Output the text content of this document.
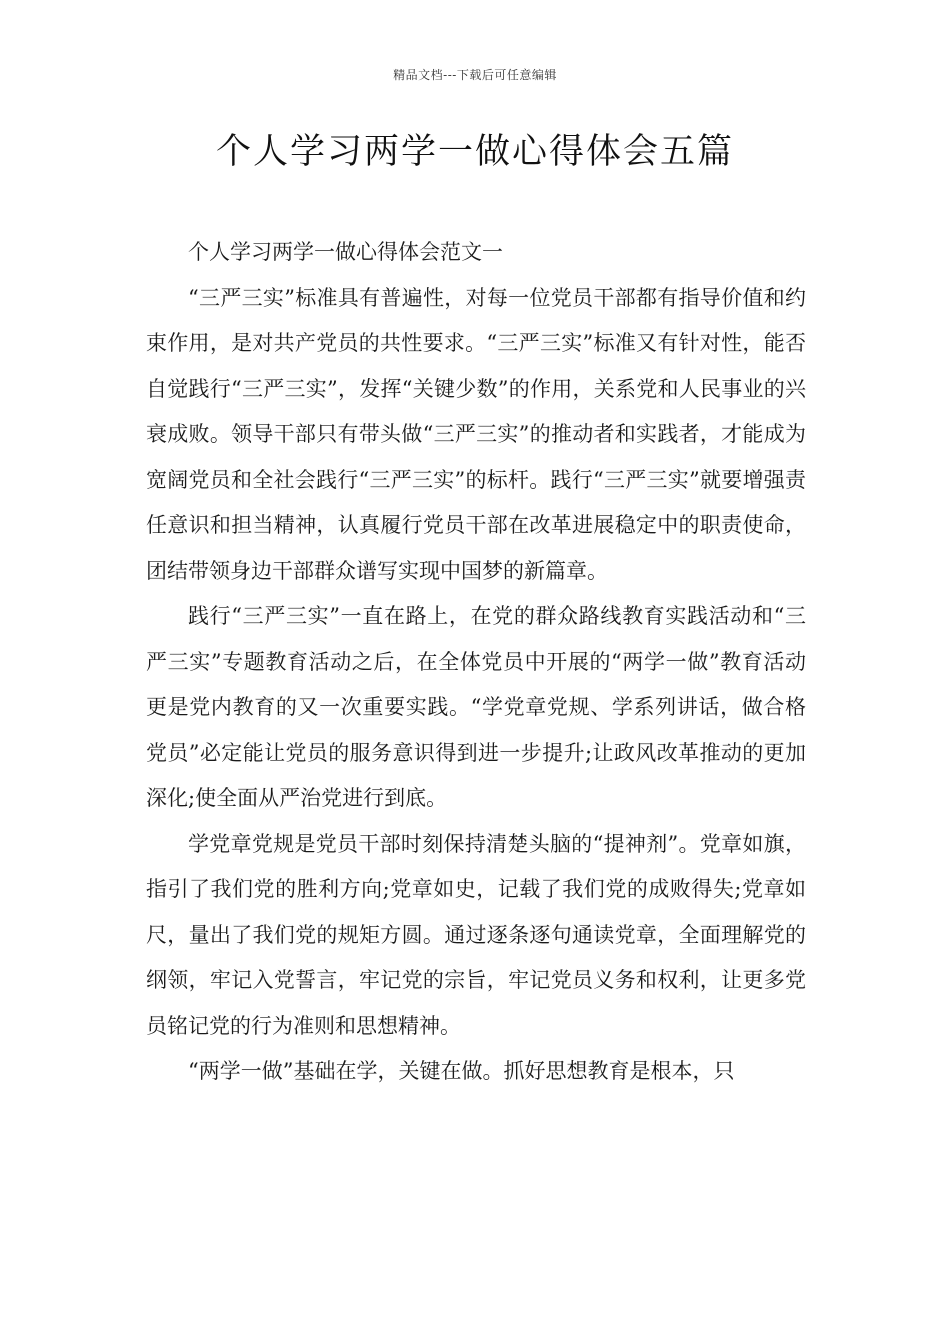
精品文档---下载后可任意编辑
个人学习两学一做心得体会五篇

个人学习两学一做心得体会范文一

“三严三实”标准具有普遍性，对每一位党员干部都有指导价值和约束作用，是对共产党员的共性要求。“三严三实”标准又有针对性，能否自觉践行“三严三实”，发挥“关键少数”的作用，关系党和人民事业的兴衰成败。领导干部只有带头做“三严三实”的推动者和实践者，才能成为宽阔党员和全社会践行“三严三实”的标杆。践行“三严三实”就要增强责任意识和担当精神，认真履行党员干部在改革进展稳定中的职责使命，团结带领身边干部群众谱写实现中国梦的新篇章。

践行“三严三实”一直在路上，在党的群众路线教育实践活动和“三严三实”专题教育活动之后，在全体党员中开展的“两学一做”教育活动更是党内教育的又一次重要实践。“学党章党规、学系列讲话，做合格党员”必定能让党员的服务意识得到进一步提升;让政风改革推动的更加深化;使全面从严治党进行到底。

学党章党规是党员干部时刻保持清楚头脑的“提神剂”。党章如旗，指引了我们党的胜利方向;党章如史，记载了我们党的成败得失;党章如尺，量出了我们党的规矩方圆。通过逐条逐句通读党章，全面理解党的纲领，牢记入党誓言，牢记党的宗旨，牢记党员义务和权利，让更多党员铭记党的行为准则和思想精神。

“两学一做”基础在学，关键在做。抓好思想教育是根本，只
